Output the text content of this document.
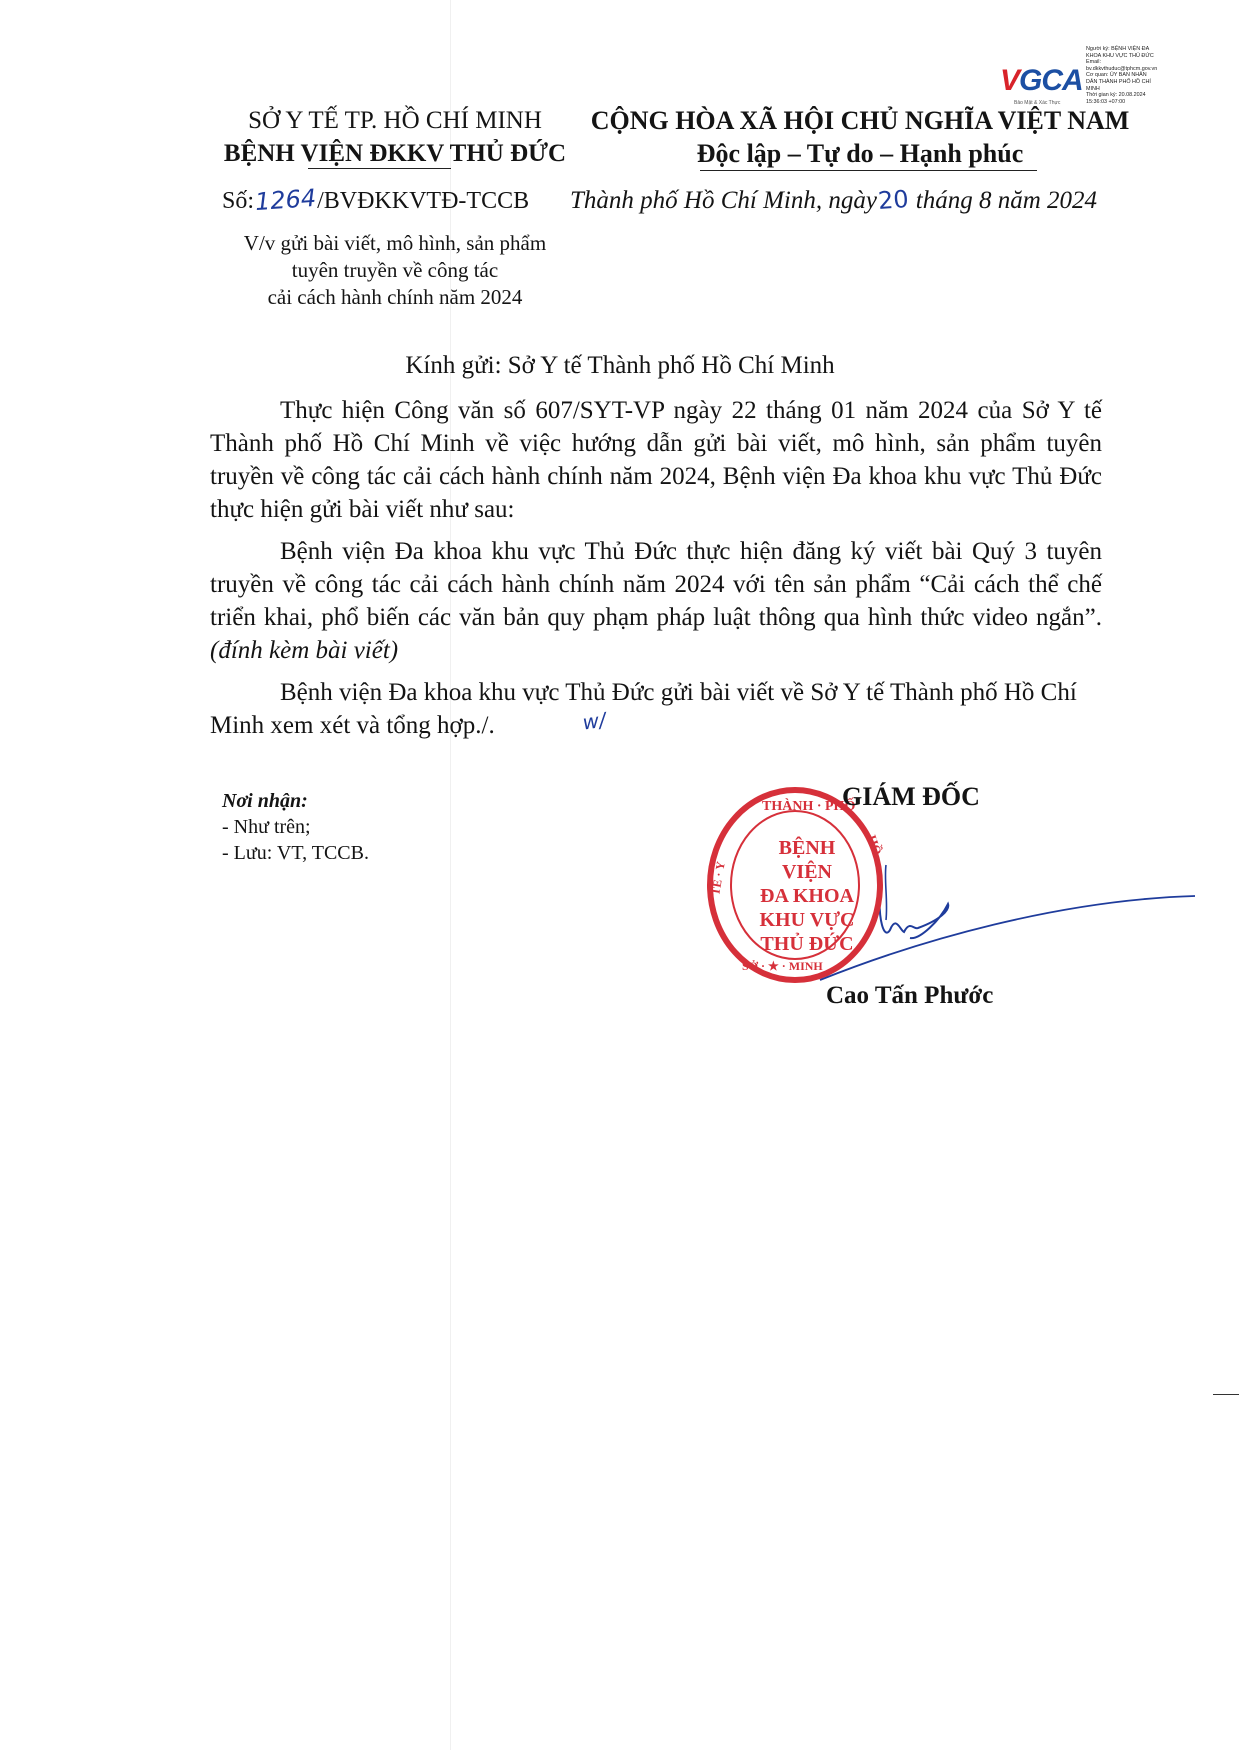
VGCA
Bảo Mật & Xác Thực
Người ký: BỆNH VIỆN ĐA
KHOA KHU VỰC THỦ ĐỨC
Email:
bv.dkkvthuduc@tphcm.gov.vn
Cơ quan: ỦY BAN NHÂN
DÂN THÀNH PHỐ HỒ CHÍ
MINH
Thời gian ký: 20.08.2024
15:36:03 +07:00
SỞ Y TẾ TP. HỒ CHÍ MINH
BỆNH VIỆN ĐKKV THỦ ĐỨC
CỘNG HÒA XÃ HỘI CHỦ NGHĨA VIỆT NAM
Độc lập – Tự do – Hạnh phúc
Số:1264/BVĐKKVTĐ-TCCB Thành phố Hồ Chí Minh, ngày20 tháng 8 năm 2024
V/v gửi bài viết, mô hình, sản phẩm
tuyên truyền về công tác
cải cách hành chính năm 2024
Kính gửi: Sở Y tế Thành phố Hồ Chí Minh

Thực hiện Công văn số 607/SYT-VP ngày 22 tháng 01 năm 2024 của Sở Y tế Thành phố Hồ Chí Minh về việc hướng dẫn gửi bài viết, mô hình, sản phẩm tuyên truyền về công tác cải cách hành chính năm 2024, Bệnh viện Đa khoa khu vực Thủ Đức thực hiện gửi bài viết như sau:

Bệnh viện Đa khoa khu vực Thủ Đức thực hiện đăng ký viết bài Quý 3 tuyên truyền về công tác cải cách hành chính năm 2024 với tên sản phẩm “Cải cách thể chế triển khai, phổ biến các văn bản quy phạm pháp luật thông qua hình thức video ngắn”. (đính kèm bài viết)

Bệnh viện Đa khoa khu vực Thủ Đức gửi bài viết về Sở Y tế Thành phố Hồ Chí Minh xem xét và tổng hợp./.	w/

Nơi nhận:
- Như trên;
- Lưu: VT, TCCB.
THÀNH · PHỐ
TẾ · Y
HỒ
SỞ · ★ · MINH
BỆNH VIỆN
ĐA KHOA
KHU VỰC
THỦ ĐỨC
GIÁM ĐỐC
Cao Tấn Phước
